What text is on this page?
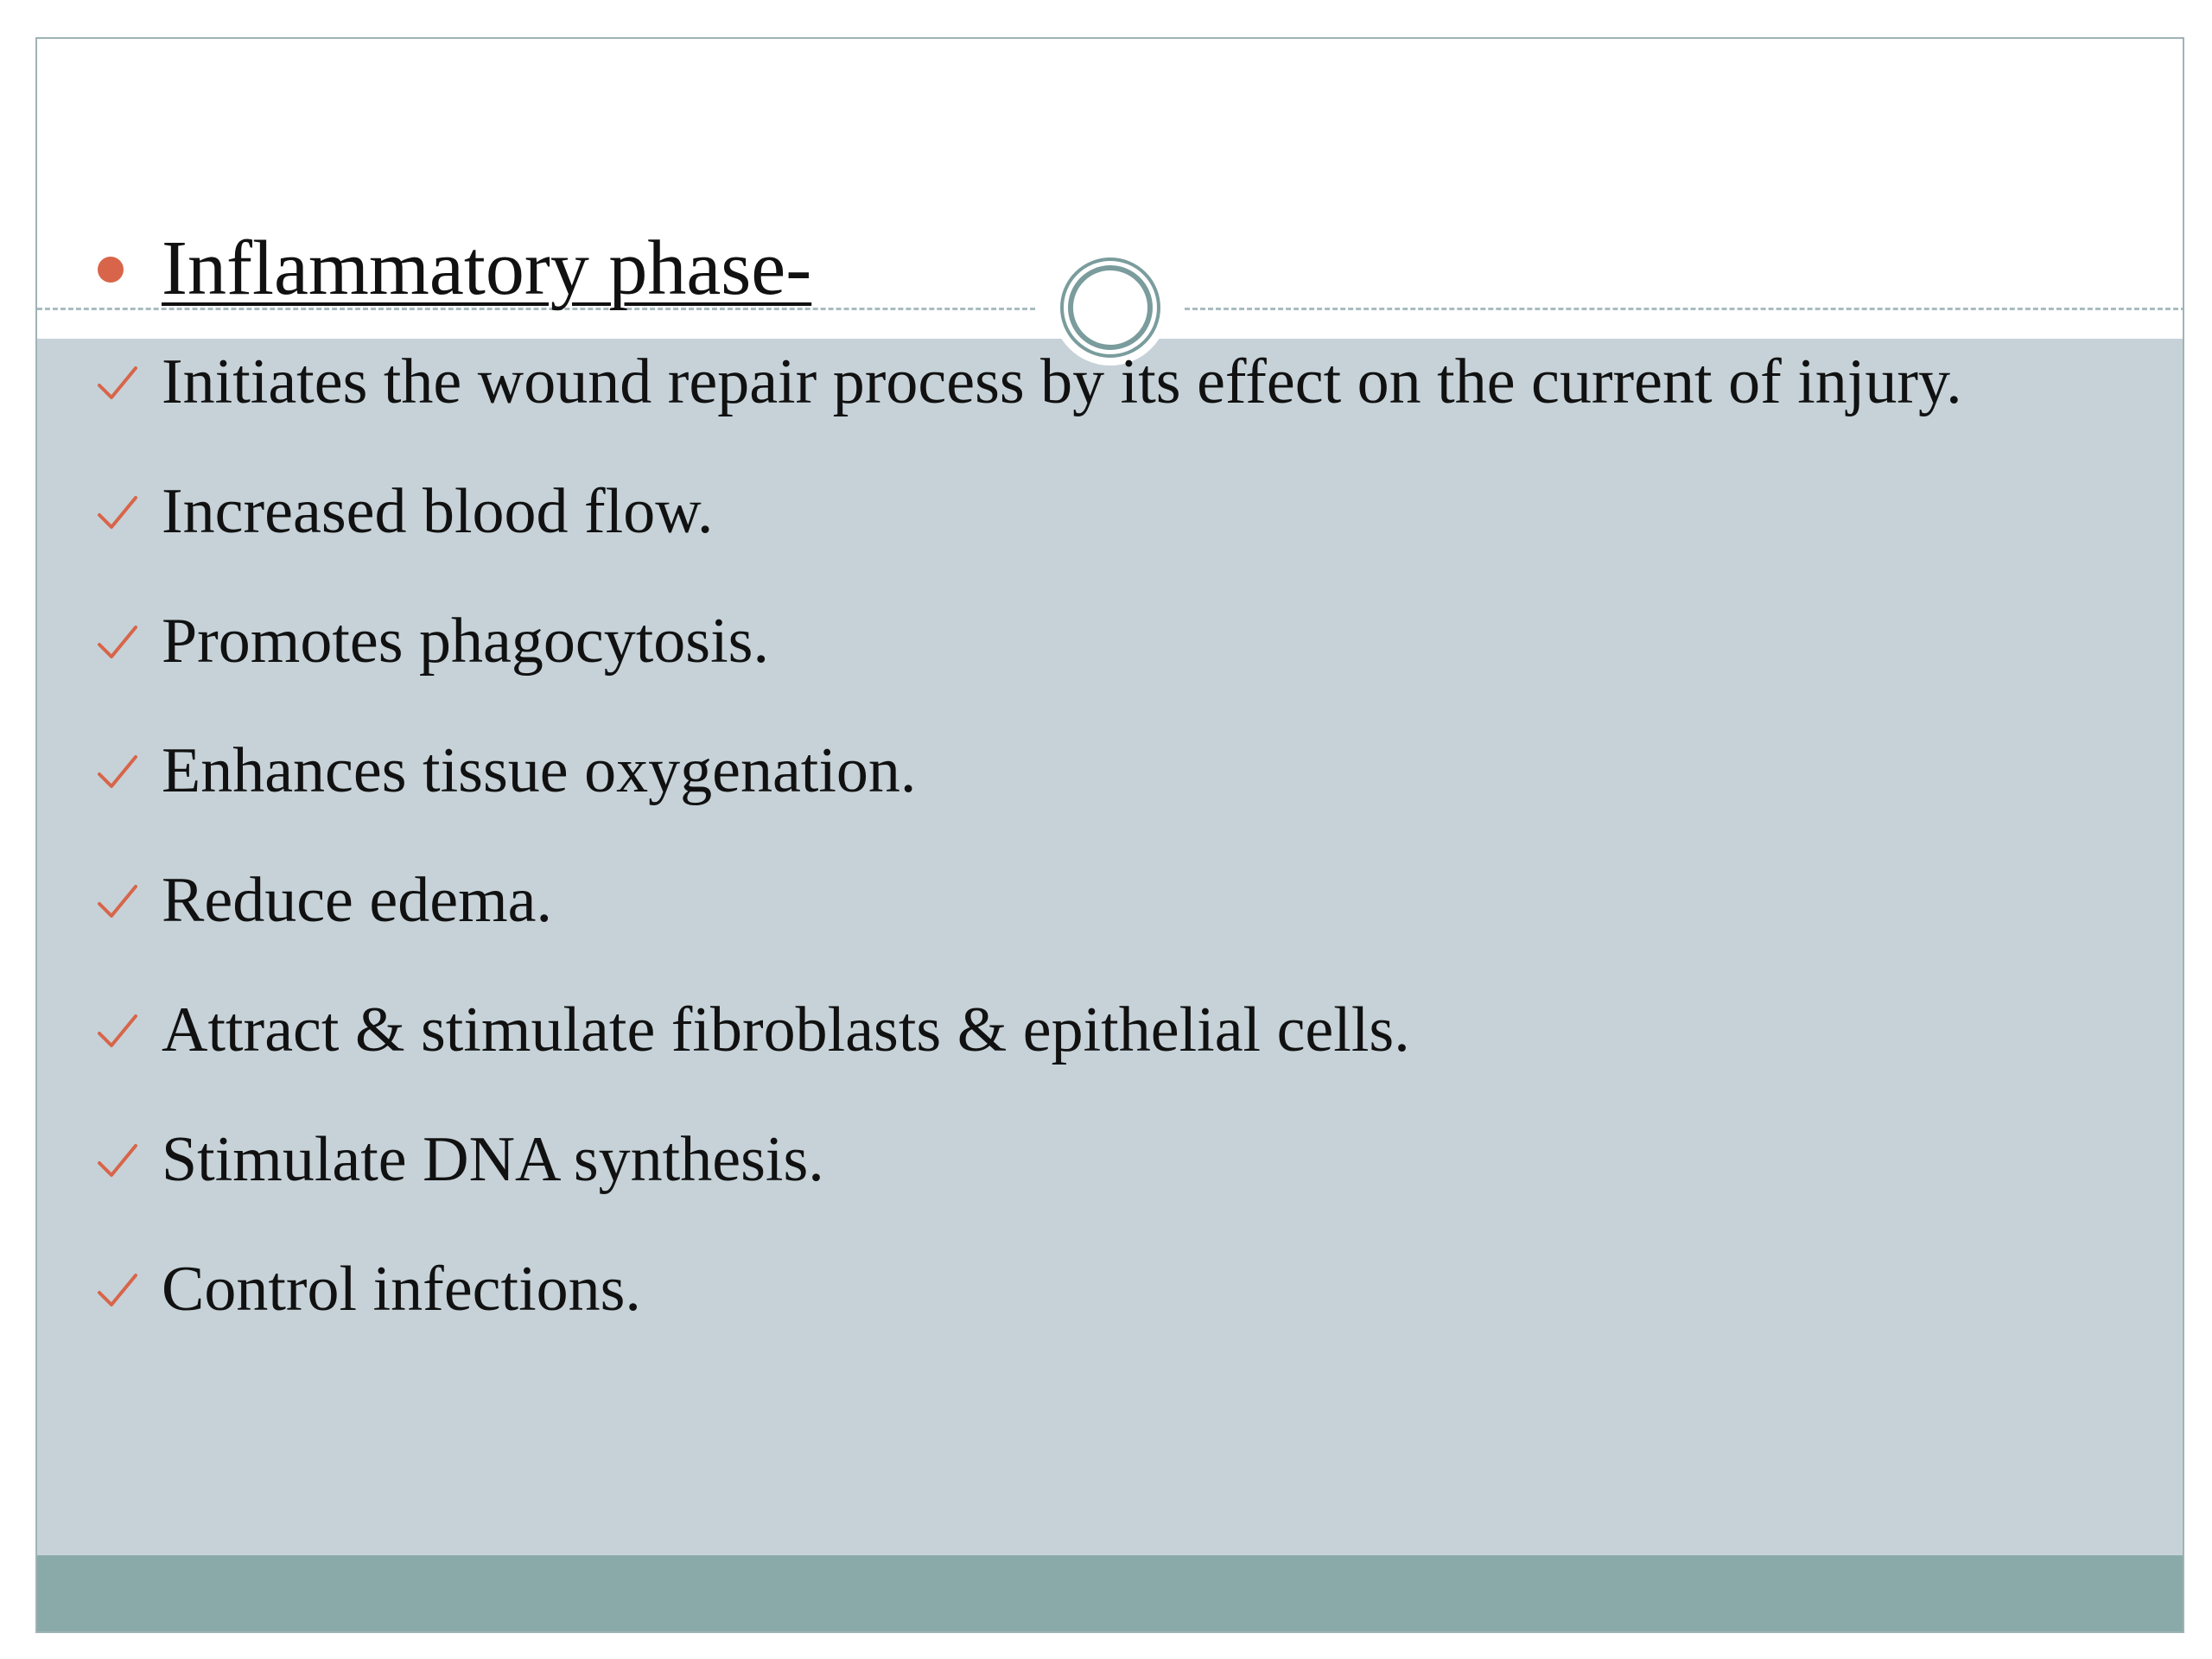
Inflammatory phase-
Initiates the wound repair process by its effect on the current of injury.
Increased blood flow.
Promotes phagocytosis.
Enhances tissue oxygenation.
Reduce edema.
Attract & stimulate fibroblasts & epithelial cells.
Stimulate DNA synthesis.
Control infections.
